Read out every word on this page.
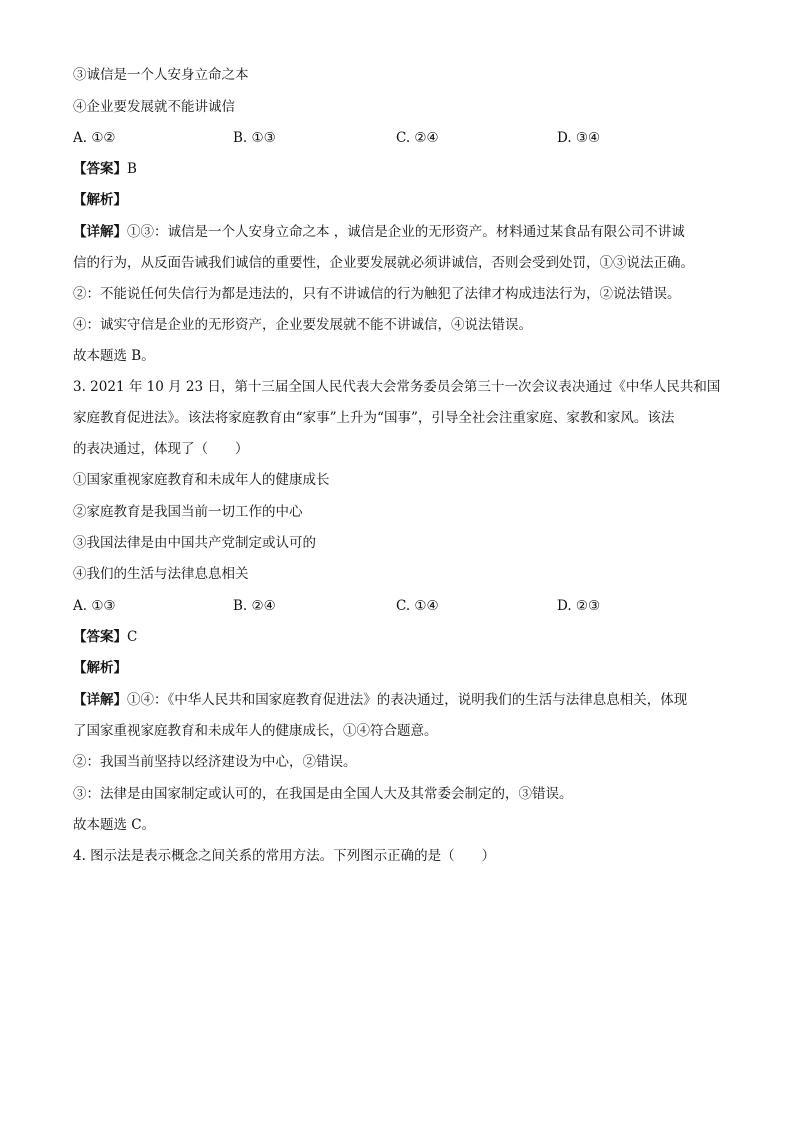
③诚信是一个人安身立命之本
④企业要发展就不能讲诚信
A. ①②	B. ①③	C. ②④	D. ③④
【答案】B
【解析】
【详解】①③：诚信是一个人安身立命之本 ，诚信是企业的无形资产。材料通过某食品有限公司不讲诚
信的行为，从反面告诫我们诚信的重要性，企业要发展就必须讲诚信，否则会受到处罚，①③说法正确。
②：不能说任何失信行为都是违法的，只有不讲诚信的行为触犯了法律才构成违法行为，②说法错误。
④：诚实守信是企业的无形资产，企业要发展就不能不讲诚信，④说法错误。
故本题选 B。
3. 2021 年 10 月 23 日，第十三届全国人民代表大会常务委员会第三十一次会议表决通过《中华人民共和国
家庭教育促进法》。该法将家庭教育由“家事”上升为“国事”，引导全社会注重家庭、家教和家风。该法
的表决通过，体现了（　　）
①国家重视家庭教育和未成年人的健康成长
②家庭教育是我国当前一切工作的中心
③我国法律是由中国共产党制定或认可的
④我们的生活与法律息息相关
A. ①③	B. ②④	C. ①④	D. ②③
【答案】C
【解析】
【详解】①④：《中华人民共和国家庭教育促进法》的表决通过，说明我们的生活与法律息息相关，体现
了国家重视家庭教育和未成年人的健康成长，①④符合题意。
②：我国当前坚持以经济建设为中心，②错误。
③：法律是由国家制定或认可的，在我国是由全国人大及其常委会制定的，③错误。
故本题选 C。
4. 图示法是表示概念之间关系的常用方法。下列图示正确的是（　　）
